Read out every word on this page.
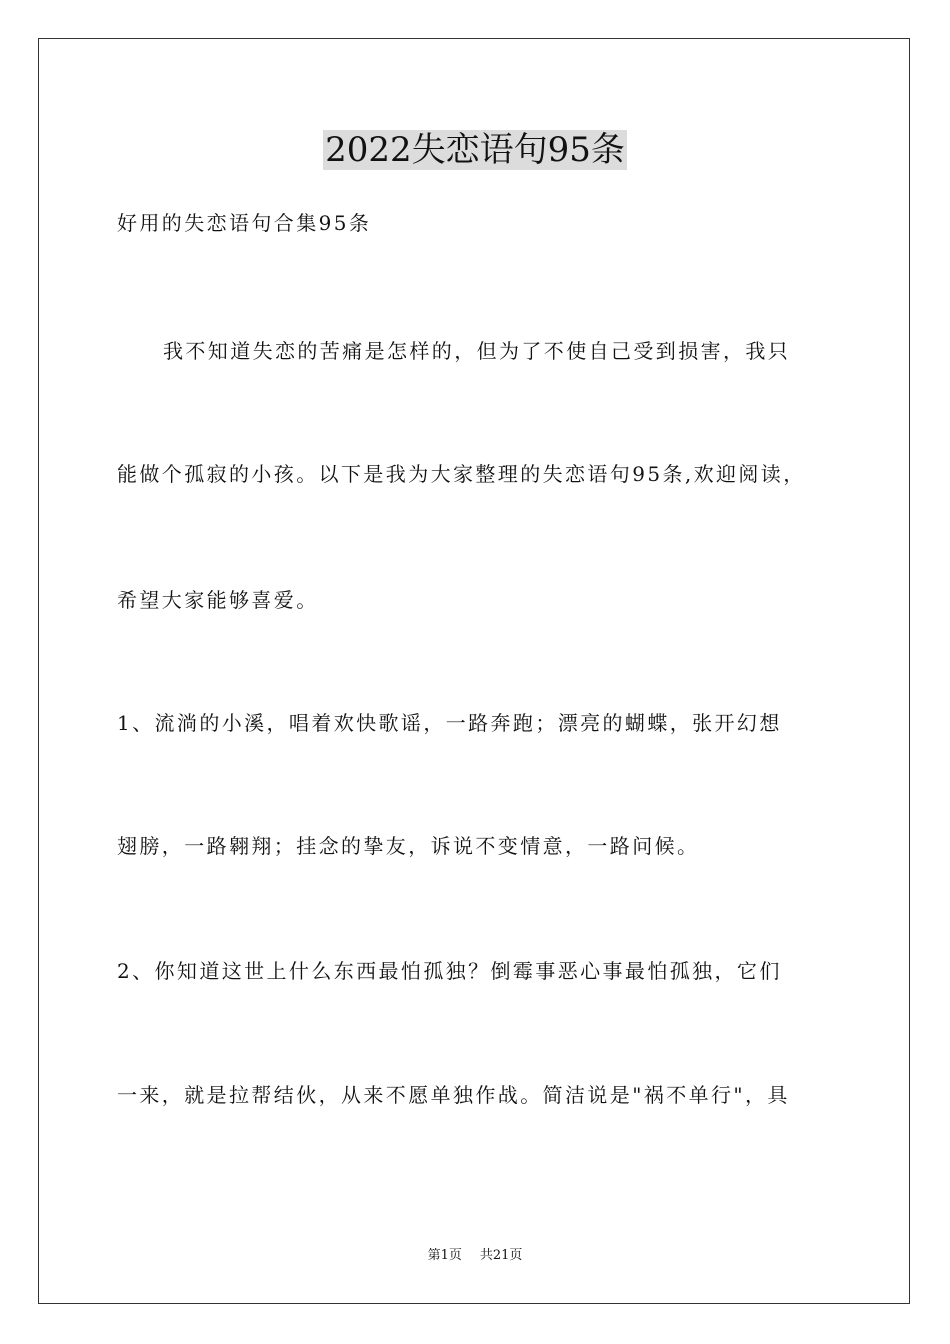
2022失恋语句95条

好用的失恋语句合集95条

我不知道失恋的苦痛是怎样的，但为了不使自己受到损害，我只

能做个孤寂的小孩。以下是我为大家整理的失恋语句95条,欢迎阅读，

希望大家能够喜爱。

1、流淌的小溪，唱着欢快歌谣，一路奔跑；漂亮的蝴蝶，张开幻想

翅膀，一路翱翔；挂念的挚友，诉说不变情意，一路问候。

2、你知道这世上什么东西最怕孤独？倒霉事恶心事最怕孤独，它们

一来，就是拉帮结伙，从来不愿单独作战。简洁说是"祸不单行"，具

第1页 共21页
